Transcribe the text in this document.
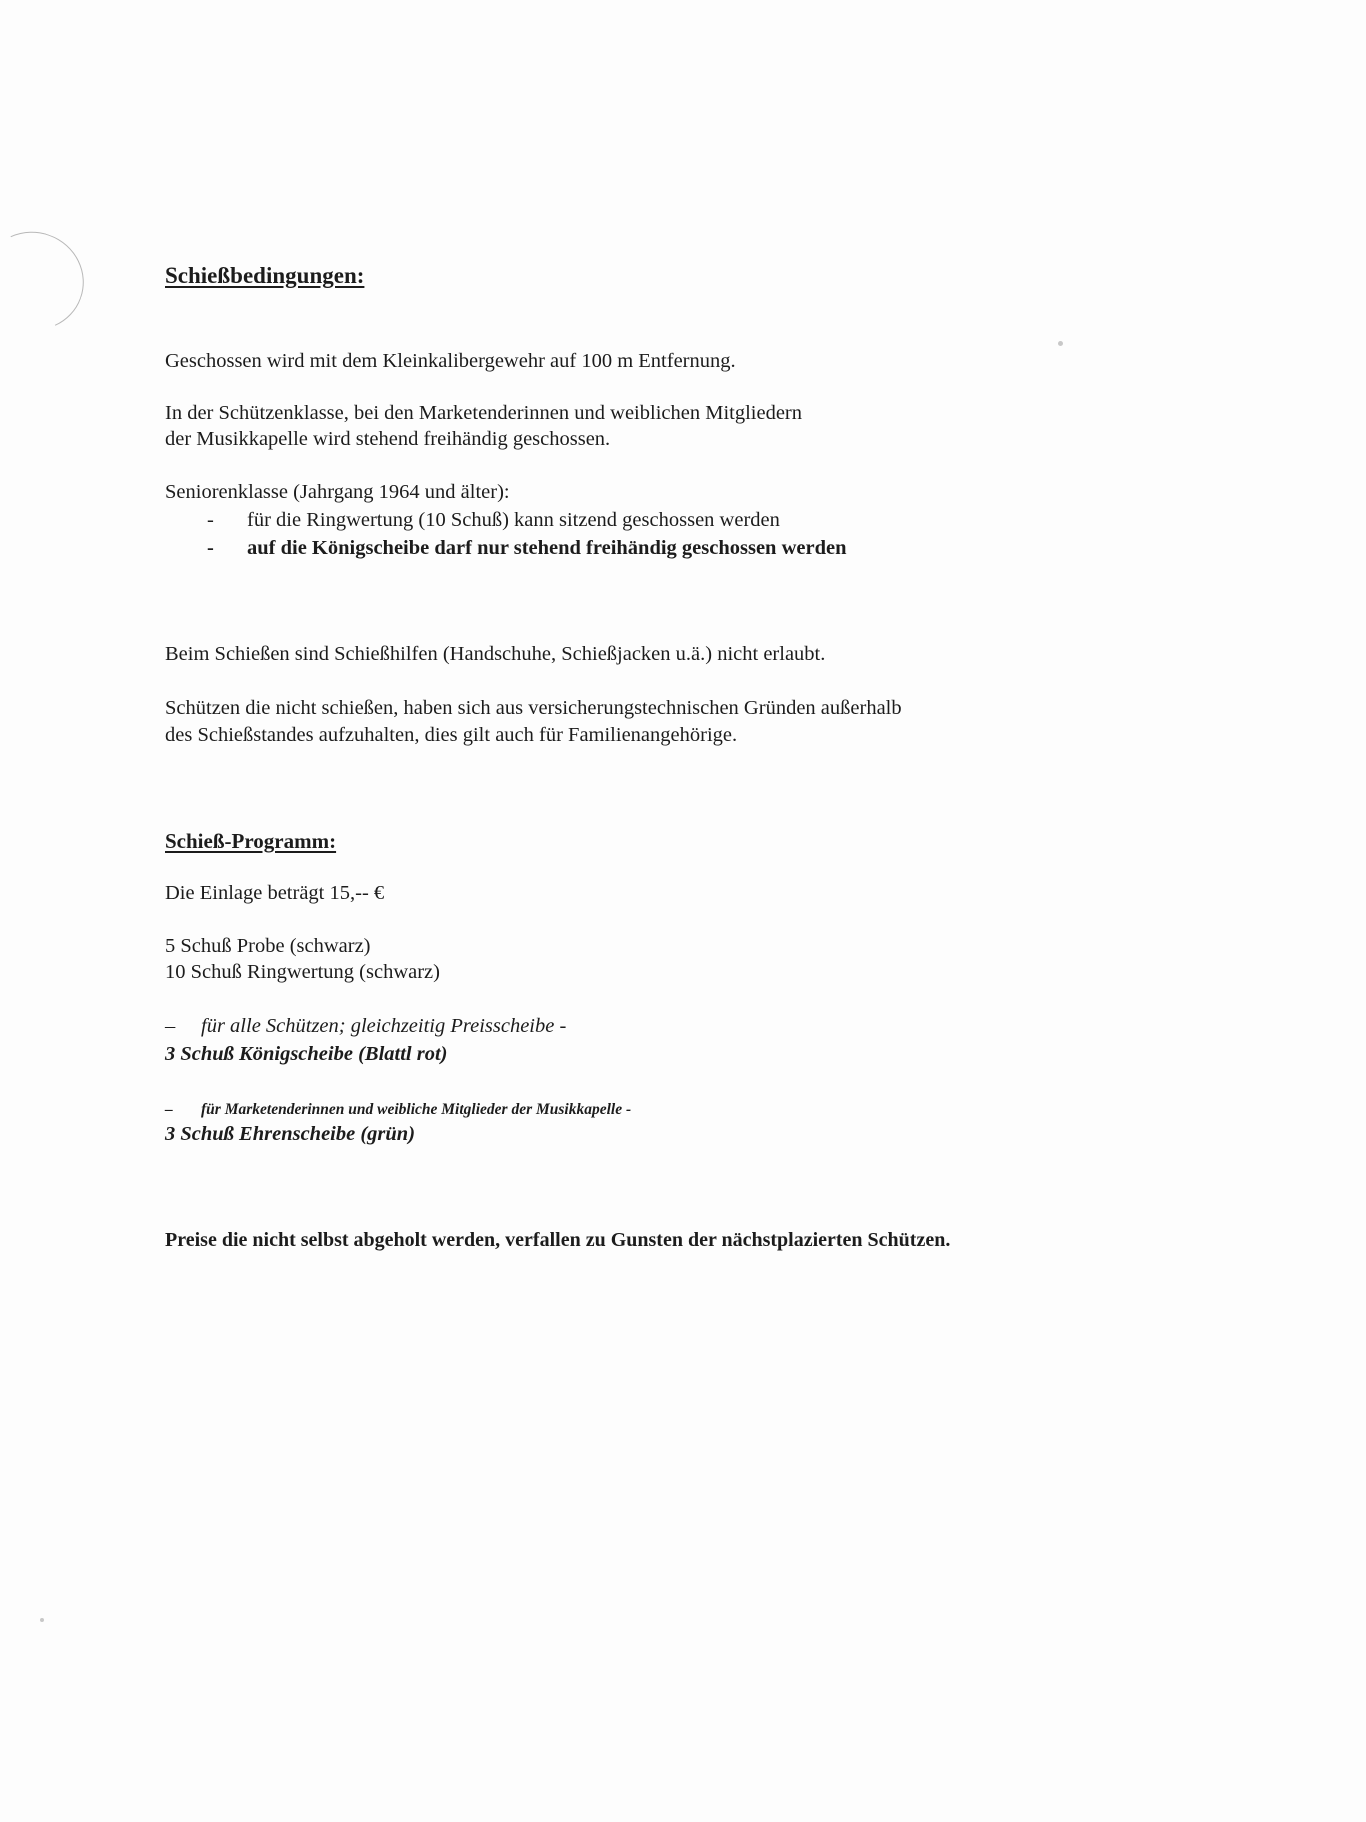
Schießbedingungen:
Geschossen wird mit dem Kleinkalibergewehr auf 100 m Entfernung.
In der Schützenklasse, bei den Marketenderinnen und weiblichen Mitgliedern
der Musikkapelle wird stehend freihändig geschossen.
Seniorenklasse (Jahrgang 1964 und älter):
- für die Ringwertung (10 Schuß) kann sitzend geschossen werden
- auf die Königscheibe darf nur stehend freihändig geschossen werden
Beim Schießen sind Schießhilfen (Handschuhe, Schießjacken u.ä.) nicht erlaubt.
Schützen die nicht schießen, haben sich aus versicherungstechnischen Gründen außerhalb
des Schießstandes aufzuhalten, dies gilt auch für Familienangehörige.
Schieß-Programm:
Die Einlage beträgt 15,-- €
5 Schuß Probe (schwarz)
10 Schuß Ringwertung (schwarz)
– für alle Schützen; gleichzeitig Preisscheibe -
3 Schuß Königscheibe (Blattl rot)
– für Marketenderinnen und weibliche Mitglieder der Musikkapelle -
3 Schuß Ehrenscheibe (grün)
Preise die nicht selbst abgeholt werden, verfallen zu Gunsten der nächstplazierten Schützen.
